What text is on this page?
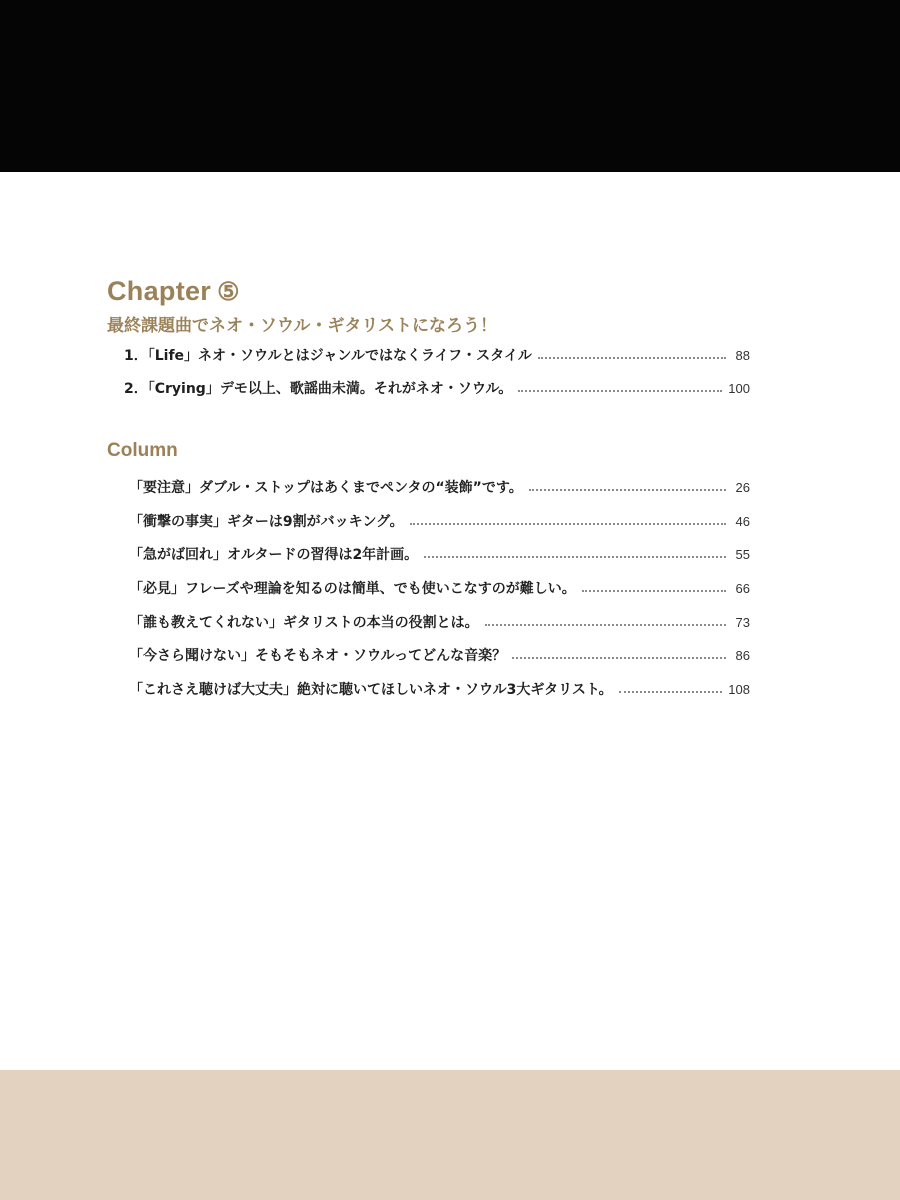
Chapter ⑤
最終課題曲でネオ・ソウル・ギタリストになろう！
1．「Life」ネオ・ソウルとはジャンルではなくライフ・スタイル	88
2．「Crying」デモ以上、歌謡曲未満。それがネオ・ソウル。	100
Column
「要注意」ダブル・ストップはあくまでペンタの“装飾”です。	26
「衝撃の事実」ギターは9割がバッキング。	46
「急がば回れ」オルタードの習得は2年計画。	55
「必見」フレーズや理論を知るのは簡単、でも使いこなすのが難しい。	66
「誰も教えてくれない」ギタリストの本当の役割とは。	73
「今さら聞けない」そもそもネオ・ソウルってどんな音楽？	86
「これさえ聴けば大丈夫」絶対に聴いてほしいネオ・ソウル3大ギタリスト。	108
